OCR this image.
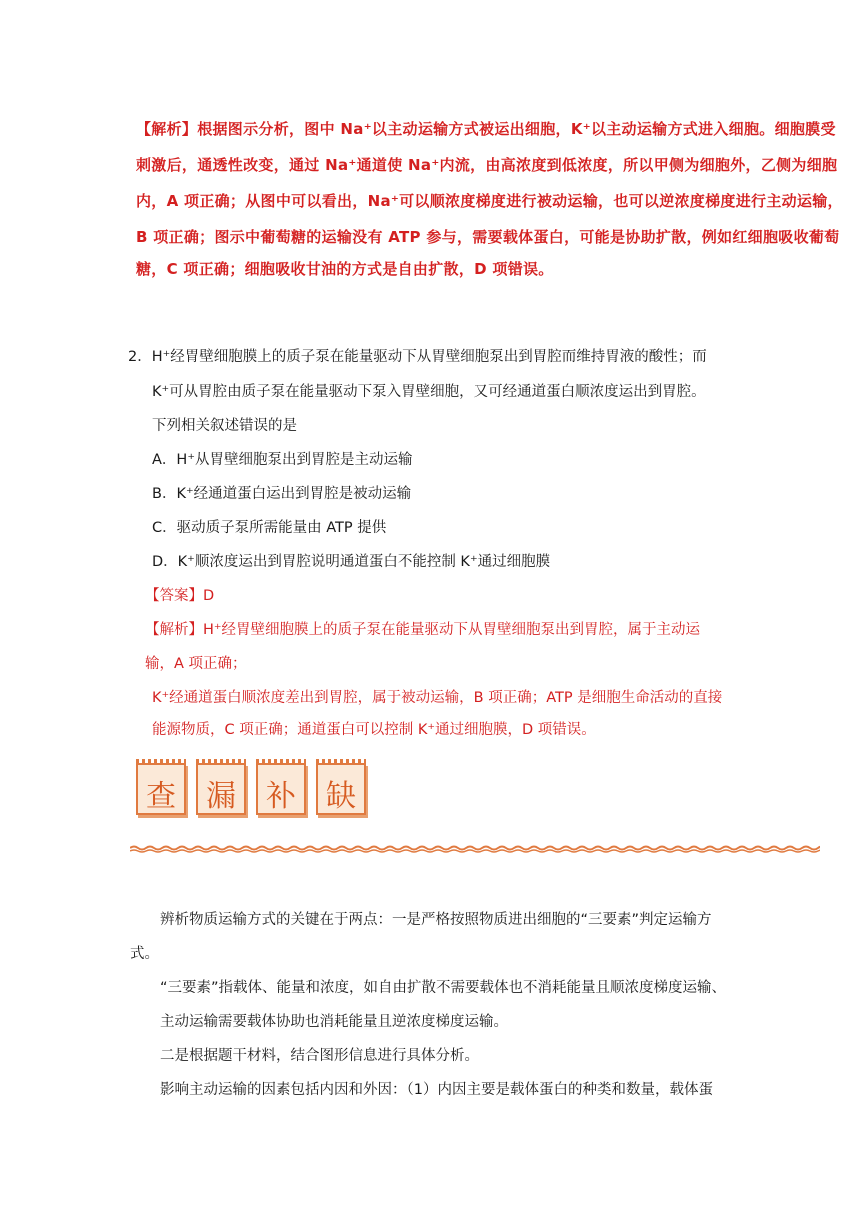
【解析】根据图示分析，图中 Na⁺以主动运输方式被运出细胞，K⁺以主动运输方式进入细胞。细胞膜受
刺激后，通透性改变，通过 Na⁺通道使 Na⁺内流，由高浓度到低浓度，所以甲侧为细胞外，乙侧为细胞
内，A 项正确；从图中可以看出，Na⁺可以顺浓度梯度进行被动运输，也可以逆浓度梯度进行主动运输，
B 项正确；图示中葡萄糖的运输没有 ATP 参与，需要载体蛋白，可能是协助扩散，例如红细胞吸收葡萄
糖，C 项正确；细胞吸收甘油的方式是自由扩散，D 项错误。
2．H⁺经胃壁细胞膜上的质子泵在能量驱动下从胃壁细胞泵出到胃腔而维持胃液的酸性；而
K⁺可从胃腔由质子泵在能量驱动下泵入胃壁细胞，又可经通道蛋白顺浓度运出到胃腔。
下列相关叙述错误的是
A．H⁺从胃壁细胞泵出到胃腔是主动运输
B．K⁺经通道蛋白运出到胃腔是被动运输
C．驱动质子泵所需能量由 ATP 提供
D．K⁺顺浓度运出到胃腔说明通道蛋白不能控制 K⁺通过细胞膜
【答案】D
【解析】H⁺经胃壁细胞膜上的质子泵在能量驱动下从胃壁细胞泵出到胃腔，属于主动运
输，A 项正确；
K⁺经通道蛋白顺浓度差出到胃腔，属于被动运输，B 项正确；ATP 是细胞生命活动的直接
能源物质，C 项正确；通道蛋白可以控制 K⁺通过细胞膜，D 项错误。
查 漏 补 缺
辨析物质运输方式的关键在于两点：一是严格按照物质进出细胞的“三要素”判定运输方
式。
“三要素”指载体、能量和浓度，如自由扩散不需要载体也不消耗能量且顺浓度梯度运输、
主动运输需要载体协助也消耗能量且逆浓度梯度运输。
二是根据题干材料，结合图形信息进行具体分析。
影响主动运输的因素包括内因和外因：（1）内因主要是载体蛋白的种类和数量，载体蛋
